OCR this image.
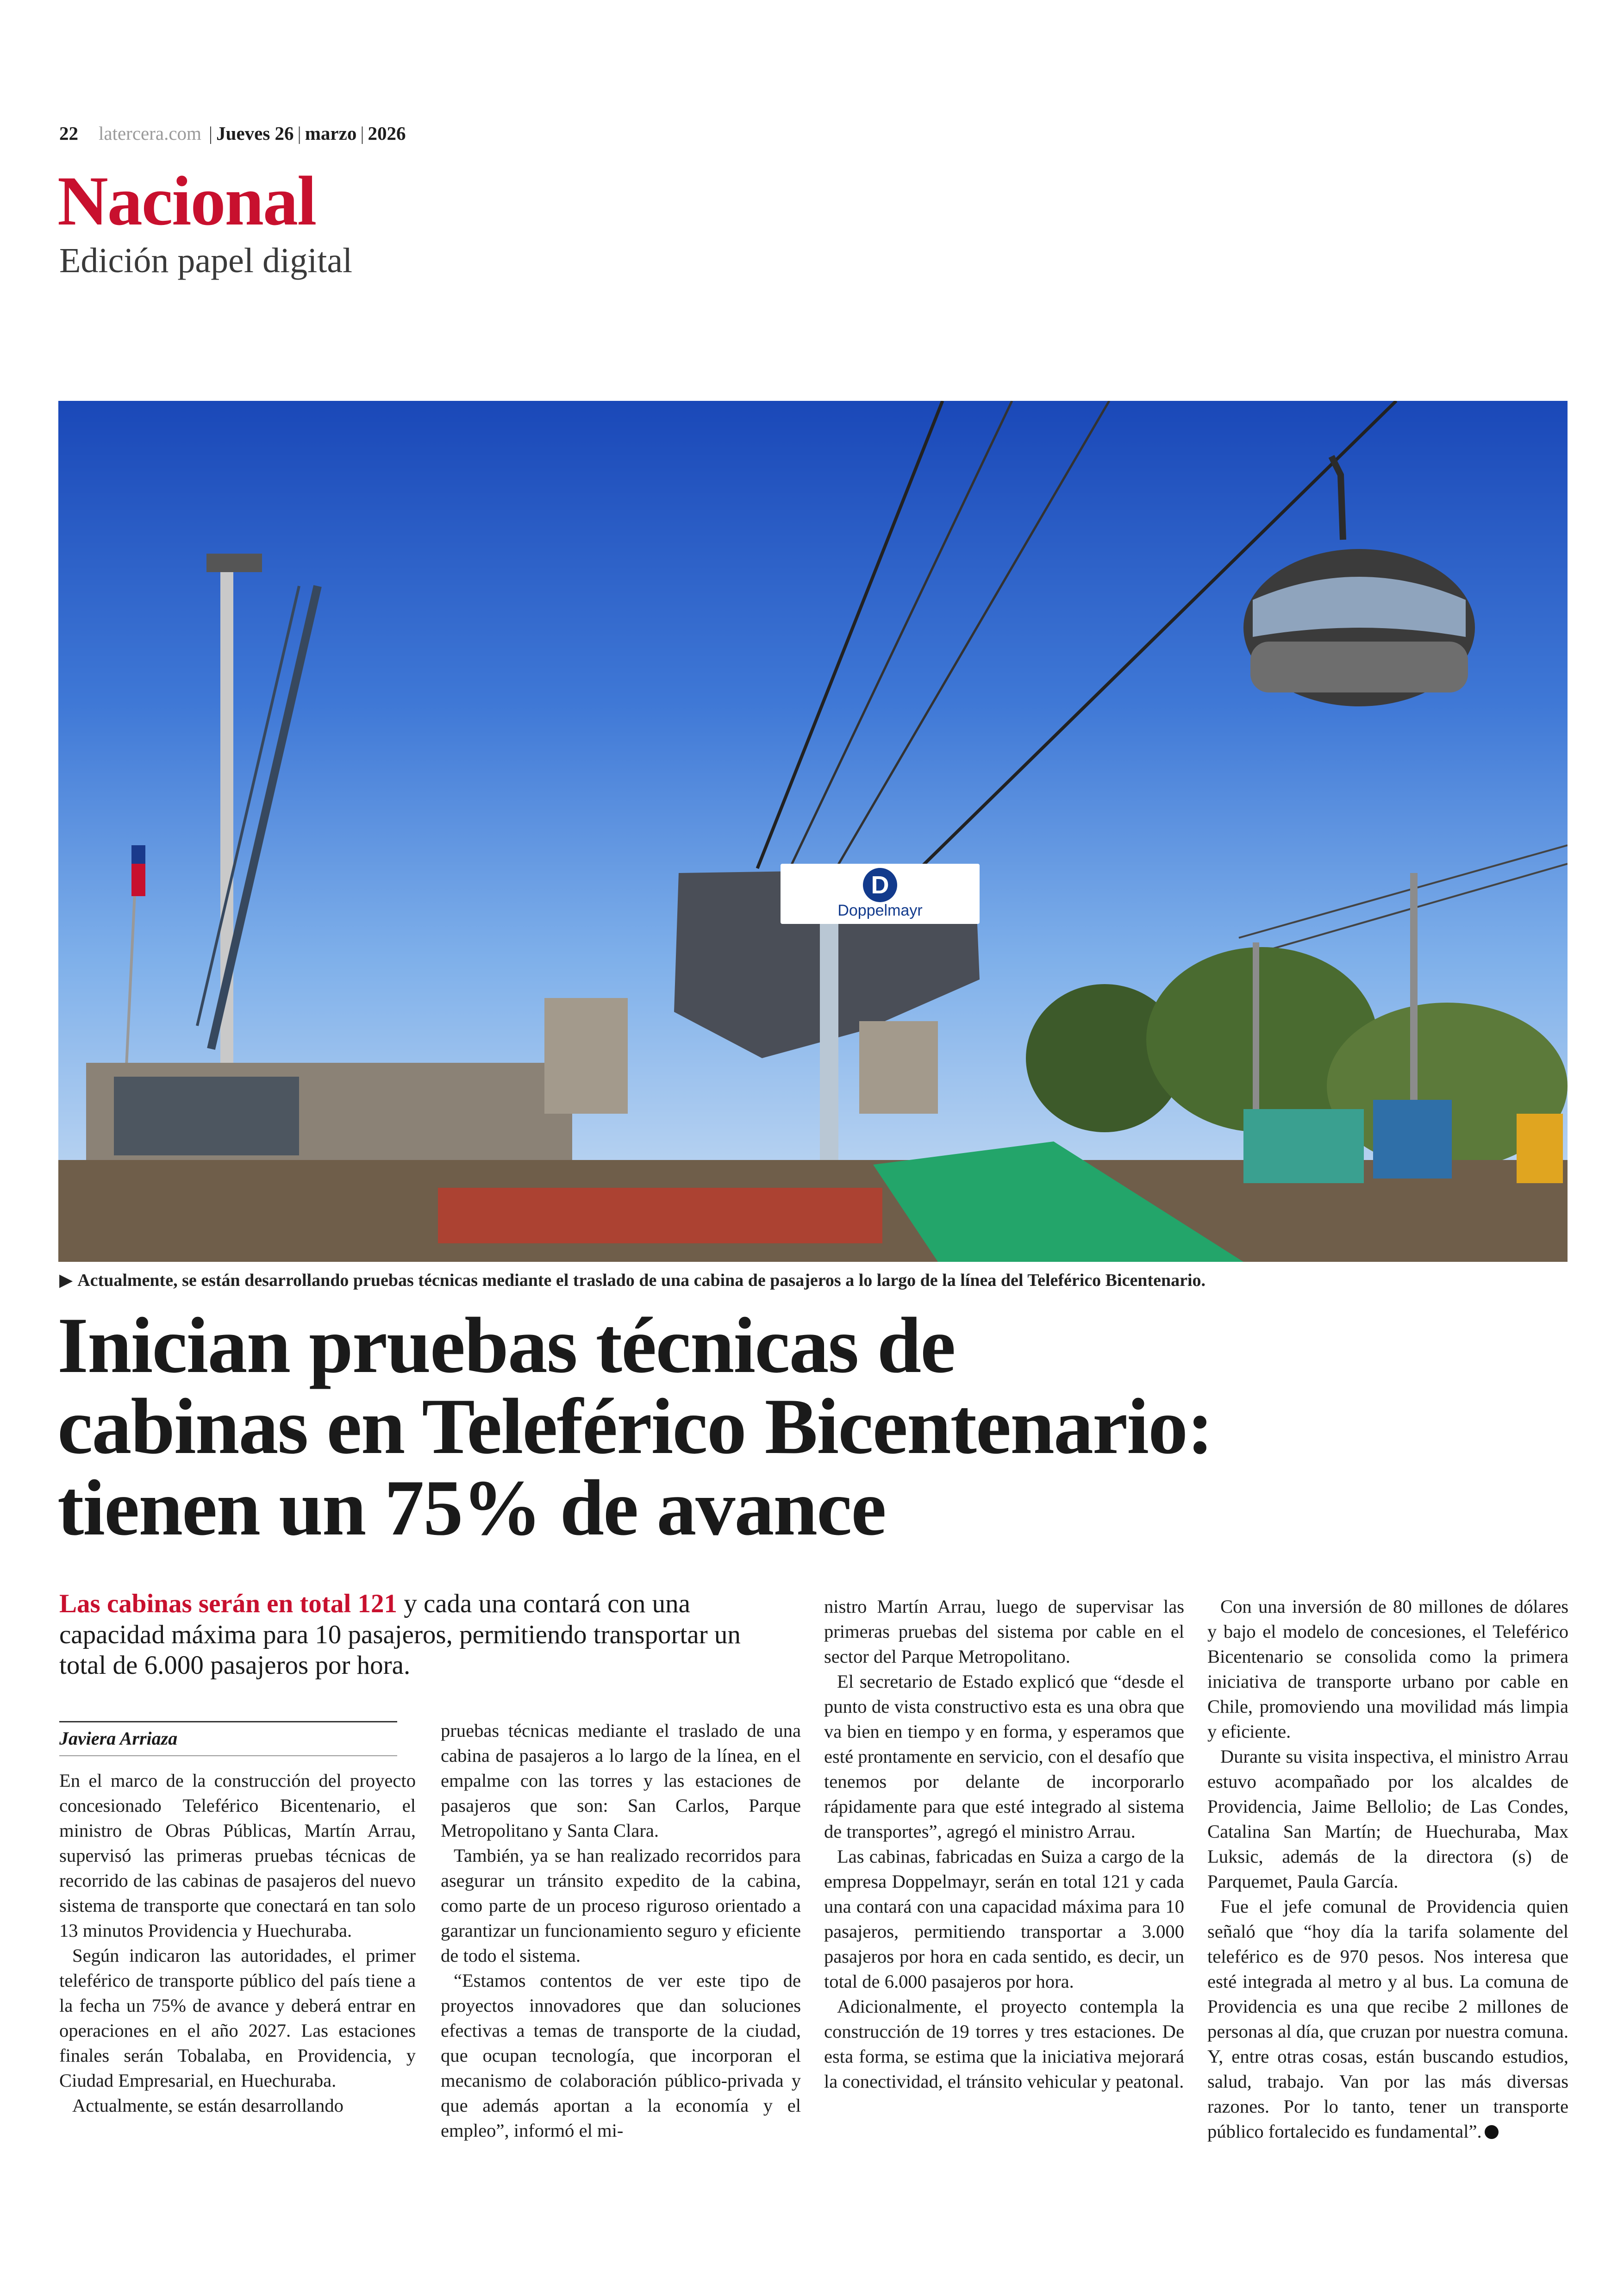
22 latercera.com | Jueves 26 | marzo | 2026
Nacional
Edición papel digital
D
Doppelmayr
▶ Actualmente, se están desarrollando pruebas técnicas mediante el traslado de una cabina de pasajeros a lo largo de la línea del Teleférico Bicentenario.
Inician pruebas técnicas de
cabinas en Teleférico Bicentenario:
tienen un 75% de avance
Las cabinas serán en total 121 y cada una contará con una capacidad máxima para 10 pasajeros, permitiendo transportar un total de 6.000 pasajeros por hora.
Javiera Arriaza

En el marco de la construcción del proyecto concesionado Teleférico Bicentenario, el ministro de Obras Públicas, Martín Arrau, supervisó las primeras pruebas técnicas de recorrido de las cabinas de pasajeros del nuevo sistema de transporte que conectará en tan solo 13 minutos Providencia y Huechuraba.

Según indicaron las autoridades, el primer teleférico de transporte público del país tiene a la fecha un 75% de avance y deberá entrar en operaciones en el año 2027. Las estaciones finales serán Tobalaba, en Providencia, y Ciudad Empresarial, en Huechuraba.

Actualmente, se están desarrollando

pruebas técnicas mediante el traslado de una cabina de pasajeros a lo largo de la línea, en el empalme con las torres y las estaciones de pasajeros que son: San Carlos, Parque Metropolitano y Santa Clara.

También, ya se han realizado recorridos para asegurar un tránsito expedito de la cabina, como parte de un proceso riguroso orientado a garantizar un funcionamiento seguro y eficiente de todo el sistema.

“Estamos contentos de ver este tipo de proyectos innovadores que dan soluciones efectivas a temas de transporte de la ciudad, que ocupan tecnología, que incorporan el mecanismo de colaboración público-privada y que además aportan a la economía y el empleo”, informó el mi-

nistro Martín Arrau, luego de supervisar las primeras pruebas del sistema por cable en el sector del Parque Metropolitano.

El secretario de Estado explicó que “desde el punto de vista constructivo esta es una obra que va bien en tiempo y en forma, y esperamos que esté prontamente en servicio, con el desafío que tenemos por delante de incorporarlo rápidamente para que esté integrado al sistema de transportes”, agregó el ministro Arrau.

Las cabinas, fabricadas en Suiza a cargo de la empresa Doppelmayr, serán en total 121 y cada una contará con una capacidad máxima para 10 pasajeros, permitiendo transportar a 3.000 pasajeros por hora en cada sentido, es decir, un total de 6.000 pasajeros por hora.

Adicionalmente, el proyecto contempla la construcción de 19 torres y tres estaciones. De esta forma, se estima que la iniciativa mejorará la conectividad, el tránsito vehicular y peatonal.

Con una inversión de 80 millones de dólares y bajo el modelo de concesiones, el Teleférico Bicentenario se consolida como la primera iniciativa de transporte urbano por cable en Chile, promoviendo una movilidad más limpia y eficiente.

Durante su visita inspectiva, el ministro Arrau estuvo acompañado por los alcaldes de Providencia, Jaime Bellolio; de Las Condes, Catalina San Martín; de Huechuraba, Max Luksic, además de la directora (s) de Parquemet, Paula García.

Fue el jefe comunal de Providencia quien señaló que “hoy día la tarifa solamente del teleférico es de 970 pesos. Nos interesa que esté integrada al metro y al bus. La comuna de Providencia es una que recibe 2 millones de personas al día, que cruzan por nuestra comuna. Y, entre otras cosas, están buscando estudios, salud, trabajo. Van por las más diversas razones. Por lo tanto, tener un transporte público fortalecido es fundamental”.
